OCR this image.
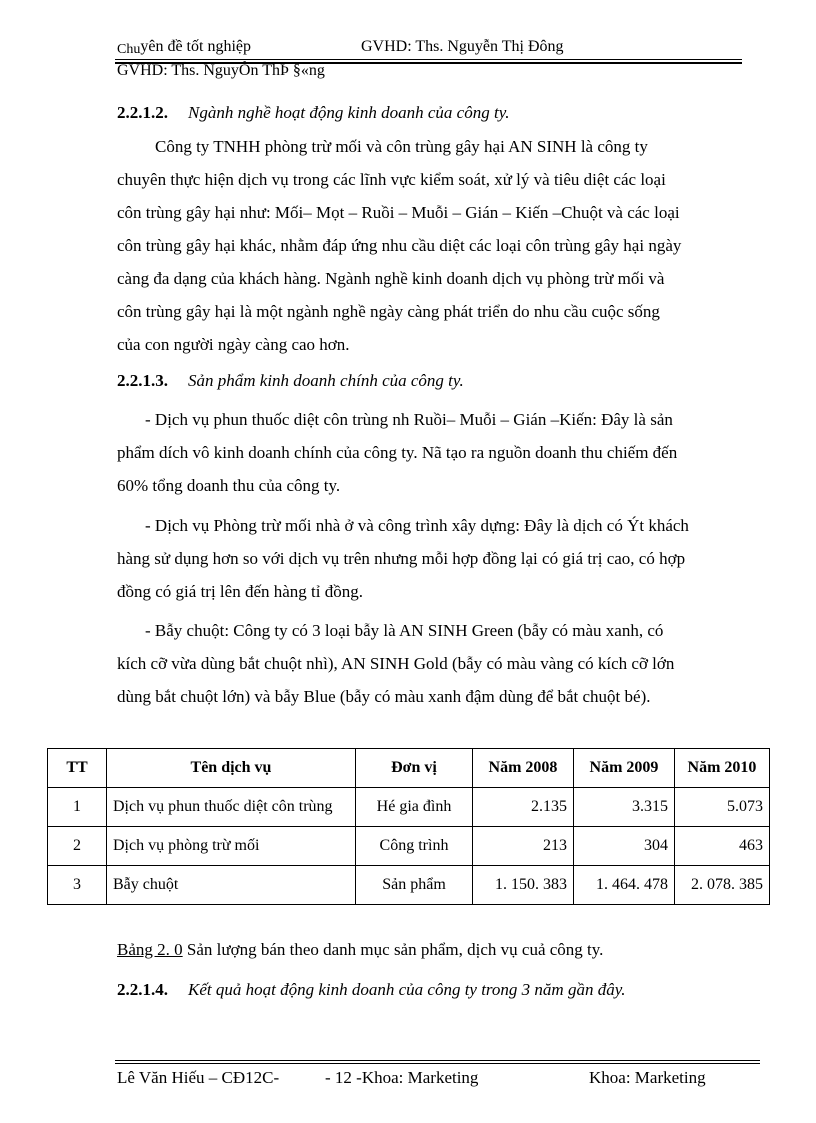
Chuyên đề tốt nghiệp	GVHD: Ths. Nguyễn Thị Đông
GVHD: Ths. NguyÔn ThÞ §«ng
2.2.1.2. Ngành nghề hoạt động kinh doanh của công ty.
Công ty TNHH phòng trừ mối và côn trùng gây hại AN SINH là công ty
chuyên thực hiện dịch vụ trong các lĩnh vực kiểm soát, xử lý và tiêu diệt các loại
côn trùng gây hại như: Mối– Mọt – Ruồi – Muỗi – Gián – Kiến –Chuột và các loại
côn trùng gây hại khác, nhằm đáp ứng nhu cầu diệt các loại côn trùng gây hại ngày
càng đa dạng của khách hàng. Ngành nghề kinh doanh dịch vụ phòng trừ mối và
côn trùng gây hại là một ngành nghề ngày càng phát triển do nhu cầu cuộc sống
của con người ngày càng cao hơn.
2.2.1.3. Sản phẩm kinh doanh chính của công ty.
- Dịch vụ phun thuốc diệt côn trùng nh Ruồi– Muỗi – Gián –Kiến: Đây là sản
phẩm dích vô kinh doanh chính của công ty. Nã tạo ra nguồn doanh thu chiếm đến
60% tổng doanh thu của công ty.
- Dịch vụ Phòng trừ mối nhà ở và công trình xây dựng: Đây là dịch có Ýt khách
hàng sử dụng hơn so với dịch vụ trên nhưng mỗi hợp đồng lại có giá trị cao, có hợp
đồng có giá trị lên đến hàng tỉ đồng.
- Bẫy chuột: Công ty có 3 loại bẫy là AN SINH Green (bẫy có màu xanh, có
kích cỡ vừa dùng bắt chuột nhì), AN SINH Gold (bẫy có màu vàng có kích cỡ lớn
dùng bắt chuột lớn) và bẫy Blue (bẫy có màu xanh đậm dùng để bắt chuột bé).
TT	Tên dịch vụ	Đơn vị	Năm 2008	Năm 2009	Năm 2010
1	Dịch vụ phun thuốc diệt côn trùng	Hé gia đình	2.135	3.315	5.073
2	Dịch vụ phòng trừ mối	Công trình	213	304	463
3	Bẫy chuột	Sản phẩm	1. 150. 383	1. 464. 478	2. 078. 385
Bảng 2. 0 Sản lượng bán theo danh mục sản phẩm, dịch vụ cuả công ty.
2.2.1.4. Kết quả hoạt động kinh doanh của công ty trong 3 năm gần đây.
Lê Văn Hiếu – CĐ12C-	- 12 -Khoa: Marketing	Khoa: Marketing
